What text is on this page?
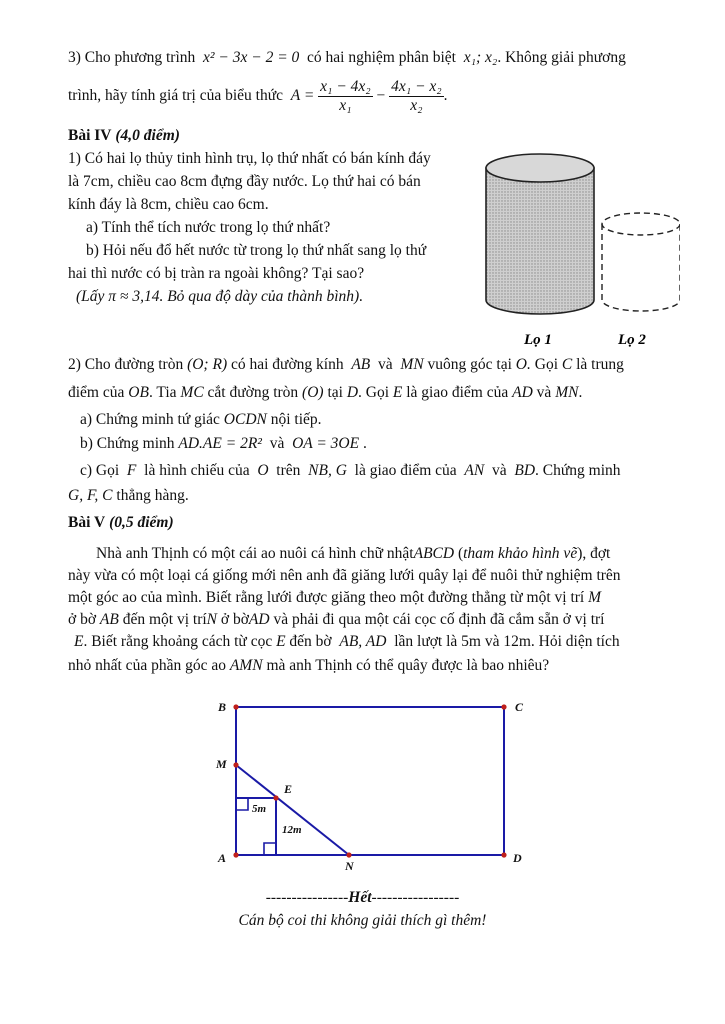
3) Cho phương trình x² − 3x − 2 = 0 có hai nghiệm phân biệt x₁; x₂. Không giải phương
trình, hãy tính giá trị của biểu thức $A = \frac{\text{x₁ − 4x₂}}{\text{x₁}} - \frac{\text{4x₁ − x₂}}{\text{x₂}}$ .
Bài IV (4,0 điểm)
1) Có hai lọ thủy tinh hình trụ, lọ thứ nhất có bán kính đáy
là 7cm, chiều cao 8cm đựng đầy nước. Lọ thứ hai có bán
kính đáy là 8cm, chiều cao 6cm.
a) Tính thể tích nước trong lọ thứ nhất?
b) Hỏi nếu đổ hết nước từ trong lọ thứ nhất sang lọ thứ
hai thì nước có bị tràn ra ngoài không? Tại sao?
(Lấy π ≈ 3,14. Bỏ qua độ dày của thành bình).
Lọ 1	Lọ 2
2) Cho đường tròn (O; R) có hai đường kính AB và MN vuông góc tại O. Gọi C là trung
điểm của OB. Tia MC cắt đường tròn (O) tại D. Gọi E là giao điểm của AD và MN.
a) Chứng minh tứ giác OCDN nội tiếp.
b) Chứng minh AD.AE = 2R² và OA = 3OE .
c) Gọi F là hình chiếu của O trên NB, G là giao điểm của AN và BD. Chứng minh
G, F, C thẳng hàng.
Bài V (0,5 điểm)
Nhà anh Thịnh có một cái ao nuôi cá hình chữ nhậtABCD (tham khảo hình vẽ), đợt
này vừa có một loại cá giống mới nên anh đã giăng lưới quây lại để nuôi thử nghiệm trên
một góc ao của mình. Biết rằng lưới được giăng theo một đường thẳng từ một vị trí M
ở bờ AB đến một vị tríN ở bờAD và phải đi qua một cái cọc cố định đã cắm sẵn ở vị trí
E. Biết rằng khoảng cách từ cọc E đến bờ AB, AD lần lượt là 5m và 12m. Hỏi diện tích
nhỏ nhất của phần góc ao AMN mà anh Thịnh có thể quây được là bao nhiêu?
B	C
M
E
A
N
D
5m
12m
----------------Hết-----------------
Cán bộ coi thi không giải thích gì thêm!
